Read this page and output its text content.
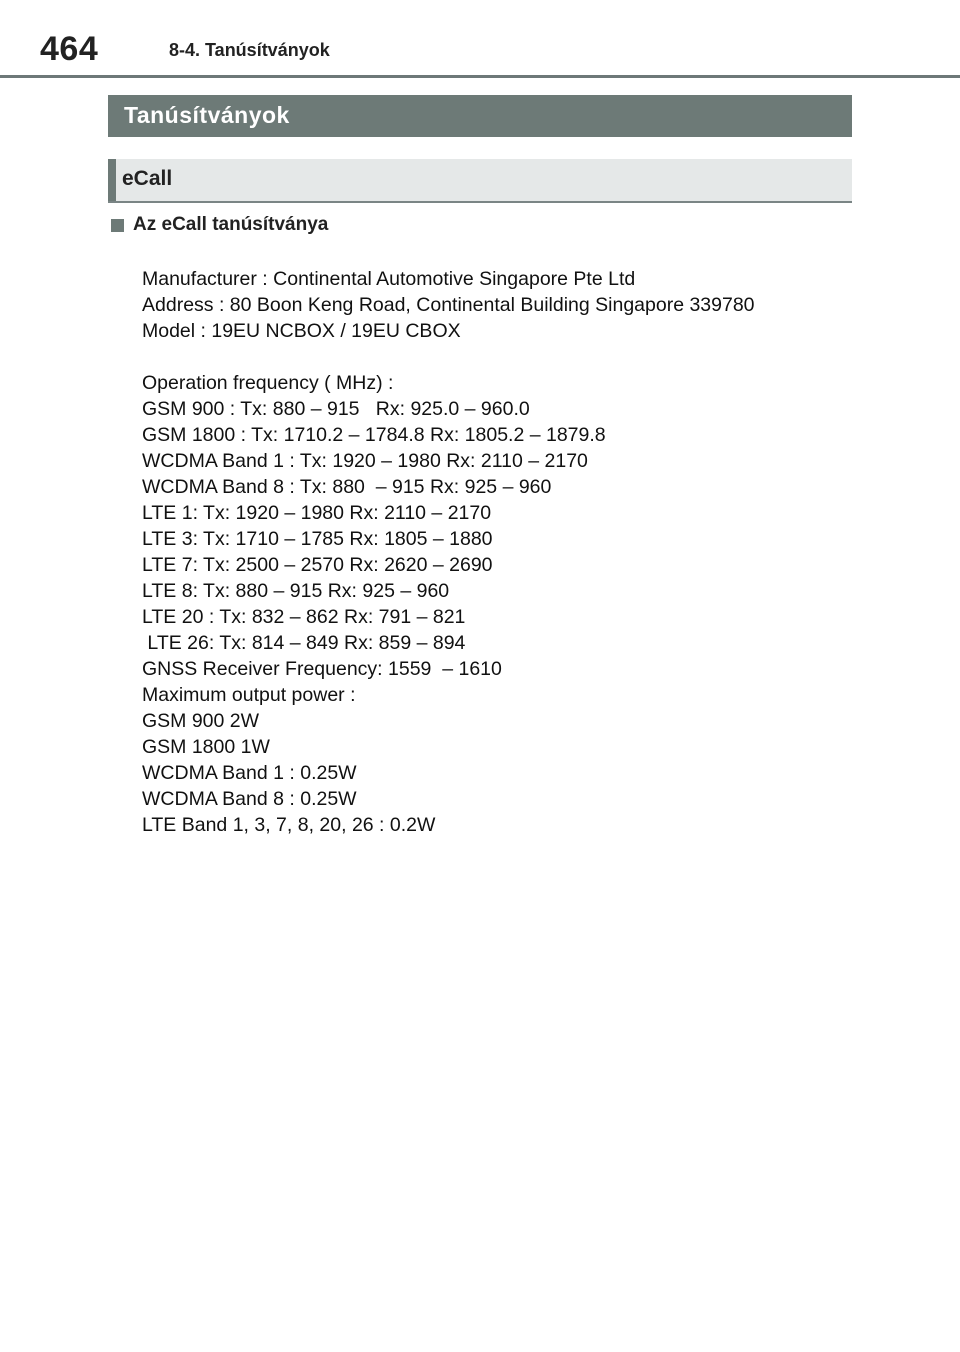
464	8-4. Tanúsítványok
Tanúsítványok
eCall
Az eCall tanúsítványa
Manufacturer : Continental Automotive Singapore Pte Ltd
Address : 80 Boon Keng Road, Continental Building Singapore 339780
Model : 19EU NCBOX / 19EU CBOX
Operation frequency ( MHz) :
GSM 900 : Tx: 880 – 915   Rx: 925.0 – 960.0
GSM 1800 : Tx: 1710.2 – 1784.8 Rx: 1805.2 – 1879.8
WCDMA Band 1 : Tx: 1920 – 1980 Rx: 2110 – 2170
WCDMA Band 8 : Tx: 880  – 915 Rx: 925 – 960
LTE 1: Tx: 1920 – 1980 Rx: 2110 – 2170
LTE 3: Tx: 1710 – 1785 Rx: 1805 – 1880
LTE 7: Tx: 2500 – 2570 Rx: 2620 – 2690
LTE 8: Tx: 880 – 915 Rx: 925 – 960
LTE 20 : Tx: 832 – 862 Rx: 791 – 821
LTE 26: Tx: 814 – 849 Rx: 859 – 894
GNSS Receiver Frequency: 1559  – 1610
Maximum output power :
GSM 900 2W
GSM 1800 1W
WCDMA Band 1 : 0.25W
WCDMA Band 8 : 0.25W
LTE Band 1, 3, 7, 8, 20, 26 : 0.2W
